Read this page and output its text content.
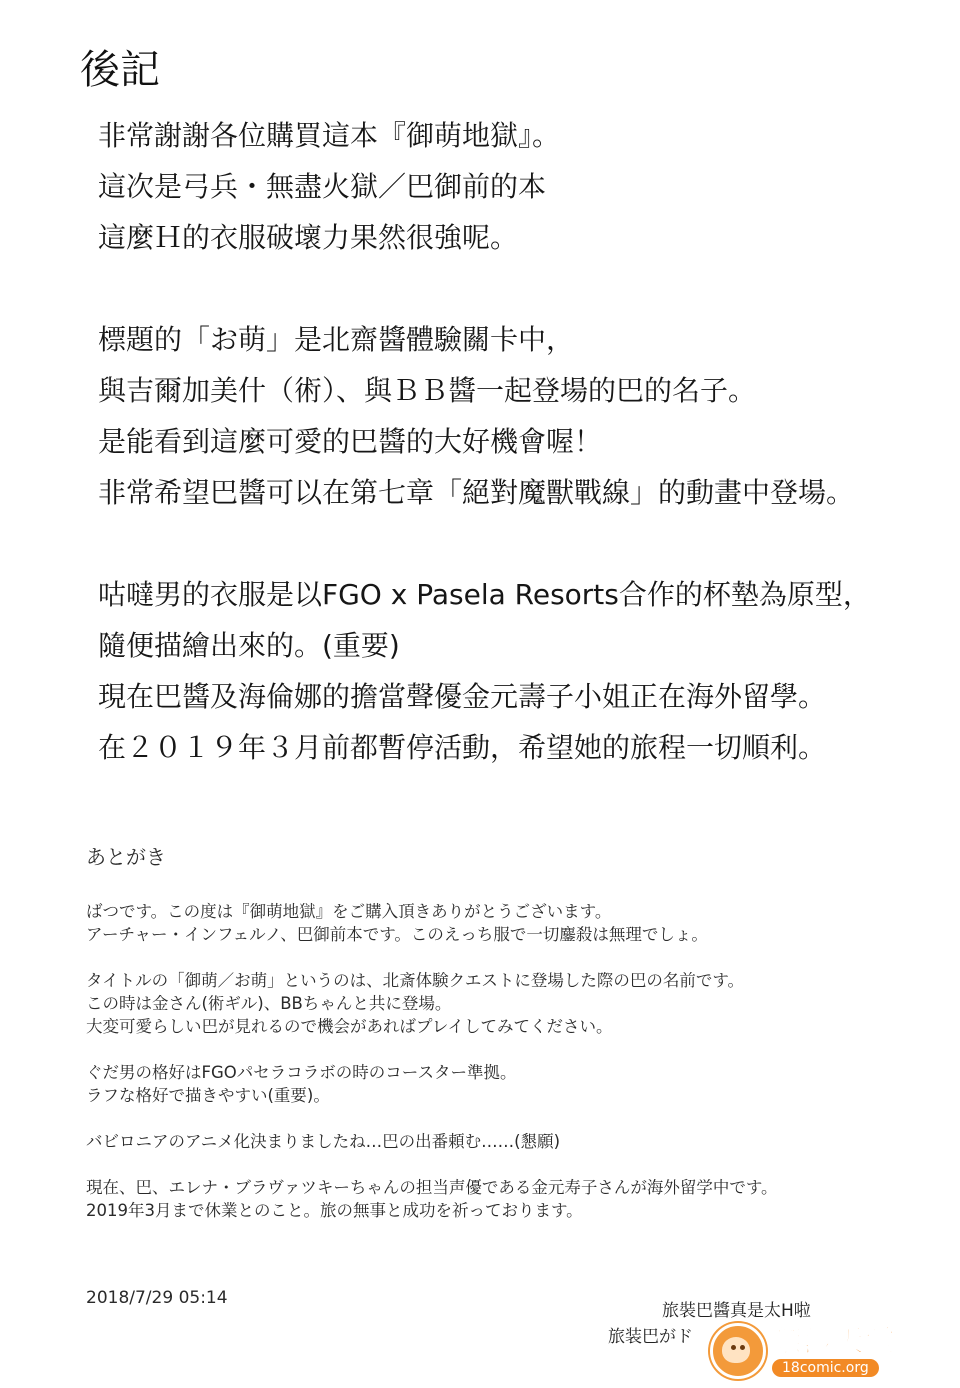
後記
非常謝謝各位購買這本『御萌地獄』。
這次是弓兵・無盡火獄／巴御前的本
這麼Ｈ的衣服破壞力果然很強呢。
標題的「お萌」是北齋醬體驗關卡中，
與吉爾加美什（術）、與ＢＢ醬一起登場的巴的名子。
是能看到這麼可愛的巴醬的大好機會喔！
非常希望巴醬可以在第七章「絕對魔獸戰線」的動畫中登場。
咕噠男的衣服是以FGO x Pasela Resorts合作的杯墊為原型，
隨便描繪出來的。(重要)
現在巴醬及海倫娜的擔當聲優金元壽子小姐正在海外留學。
在２０１９年３月前都暫停活動，希望她的旅程一切順利。
あとがき
ばつです。この度は『御萌地獄』をご購入頂きありがとうございます。
アーチャー・インフェルノ、巴御前本です。このえっち服で一切鏖殺は無理でしょ。
タイトルの「御萌／お萌」というのは、北斎体験クエストに登場した際の巴の名前です。
この時は金さん(術ギル)、BBちゃんと共に登場。
大変可愛らしい巴が見れるので機会があればプレイしてみてください。
ぐだ男の格好はFGOパセラコラボの時のコースター準拠。
ラフな格好で描きやすい(重要)。
バビロニアのアニメ化決まりましたね…巴の出番頼む……(懇願)
現在、巴、エレナ・ブラヴァツキーちゃんの担当声優である金元寿子さんが海外留学中です。
2019年3月まで休業とのこと。旅の無事と成功を祈っております。
2018/7/29 05:14
旅裝巴醬真是太H啦
旅装巴がド	禁漫天堂
18comic.org
